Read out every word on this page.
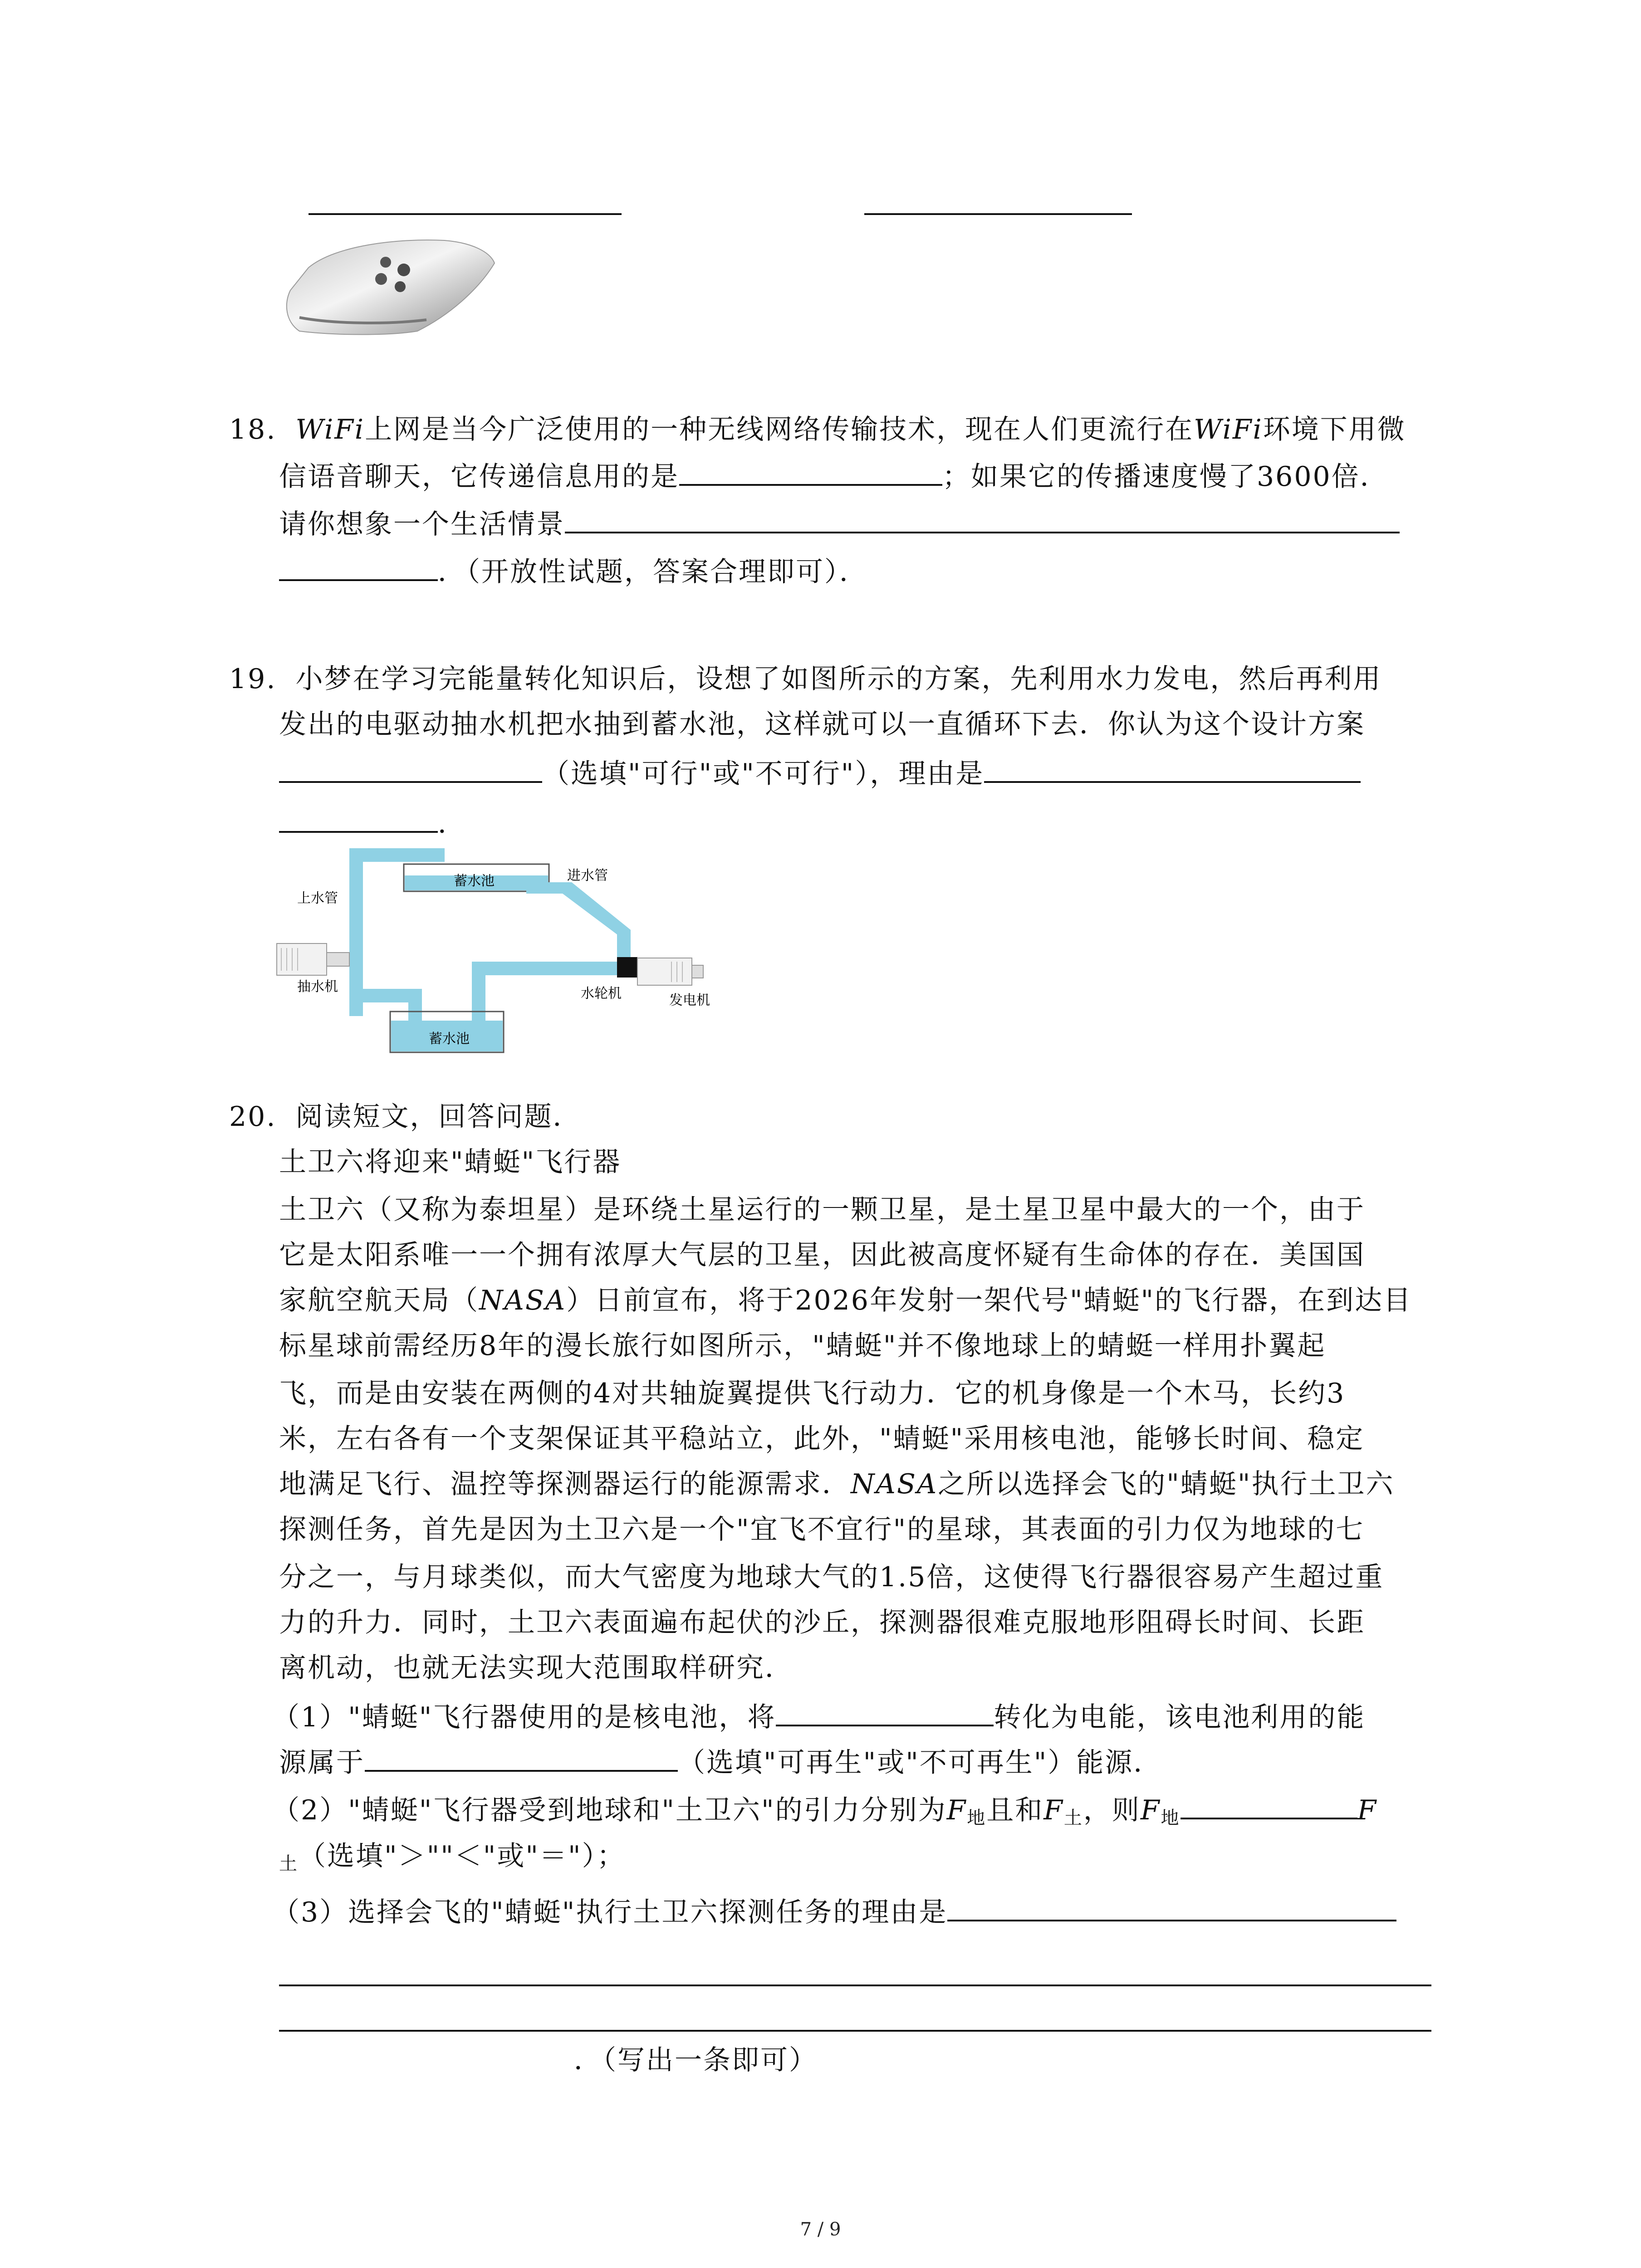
18. WiFi上网是当今广泛使用的一种无线网络传输技术，现在人们更流行在WiFi环境下用微
信语音聊天，它传递信息用的是	；如果它的传播速度慢了3600倍．
请你想象一个生活情景
．（开放性试题，答案合理即可）．
19. 小梦在学习完能量转化知识后，设想了如图所示的方案，先利用水力发电，然后再利用
发出的电驱动抽水机把水抽到蓄水池，这样就可以一直循环下去．你认为这个设计方案
（选填"可行"或"不可行"），理由是
．
上水管
蓄水池	进水管
抽水机	水轮机	发电机
蓄水池
20. 阅读短文，回答问题．
土卫六将迎来"蜻蜓"飞行器
土卫六（又称为泰坦星）是环绕土星运行的一颗卫星，是土星卫星中最大的一个，由于
它是太阳系唯一一个拥有浓厚大气层的卫星，因此被高度怀疑有生命体的存在．美国国
家航空航天局（NASA）日前宣布，将于2026年发射一架代号"蜻蜓"的飞行器，在到达目
标星球前需经历8年的漫长旅行如图所示，"蜻蜓"并不像地球上的蜻蜓一样用扑翼起
飞，而是由安装在两侧的4对共轴旋翼提供飞行动力．它的机身像是一个木马，长约3
米，左右各有一个支架保证其平稳站立，此外，"蜻蜓"采用核电池，能够长时间、稳定
地满足飞行、温控等探测器运行的能源需求．NASA之所以选择会飞的"蜻蜓"执行土卫六
探测任务，首先是因为土卫六是一个"宜飞不宜行"的星球，其表面的引力仅为地球的七
分之一，与月球类似，而大气密度为地球大气的1.5倍，这使得飞行器很容易产生超过重
力的升力．同时，土卫六表面遍布起伏的沙丘，探测器很难克服地形阻碍长时间、长距
离机动，也就无法实现大范围取样研究．
（1）"蜻蜓"飞行器使用的是核电池，将	转化为电能，该电池利用的能
源属于	（选填"可再生"或"不可再生"）能源．
（2）"蜻蜓"飞行器受到地球和"土卫六"的引力分别为$F_地$且和$F_土$，则$F_地$	F
$_土$（选填"＞""＜"或"＝"）；
（3）选择会飞的"蜻蜓"执行土卫六探测任务的理由是
．（写出一条即可）
7 / 9
